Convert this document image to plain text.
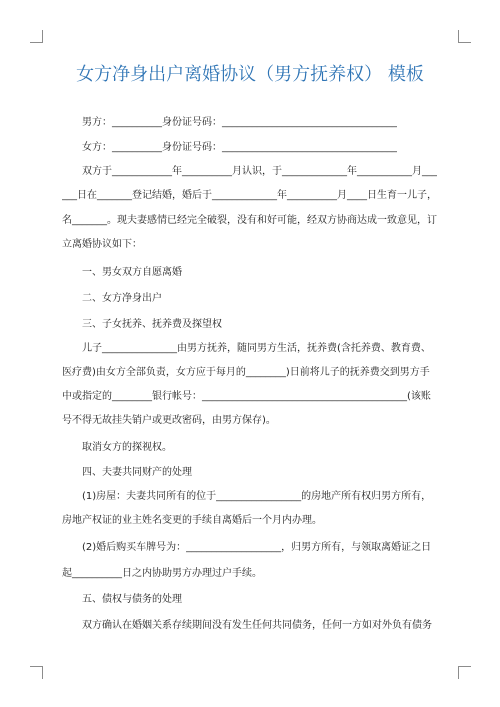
女方净身出户离婚协议（男方抚养权） 模板
男方：__________身份证号码：___________________________________
女方：__________身份证号码：___________________________________
双方于____________年__________月认识，于_____________年___________月___
___日在_______登记结婚，婚后于_____________年__________月____日生育一儿子，
名_______。现夫妻感情已经完全破裂，没有和好可能，经双方协商达成一致意见，订
立离婚协议如下：
一、男女双方自愿离婚
二、女方净身出户
三、子女抚养、抚养费及探望权
儿子_______________由男方抚养，随同男方生活，抚养费(含托养费、教育费、
医疗费)由女方全部负责，女方应于每月的________)日前将儿子的抚养费交到男方手
中或指定的________银行帐号：_________________________________________(该账
号不得无故挂失销户或更改密码，由男方保存)。
取消女方的探视权。
四、夫妻共同财产的处理
(1)房屋：夫妻共同所有的位于_________________的房地产所有权归男方所有，
房地产权证的业主姓名变更的手续自离婚后一个月内办理。
(2)婚后购买车牌号为：___________________，归男方所有，与领取离婚证之日
起__________日之内协助男方办理过户手续。
五、债权与债务的处理
双方确认在婚姻关系存续期间没有发生任何共同债务，任何一方如对外负有债务
